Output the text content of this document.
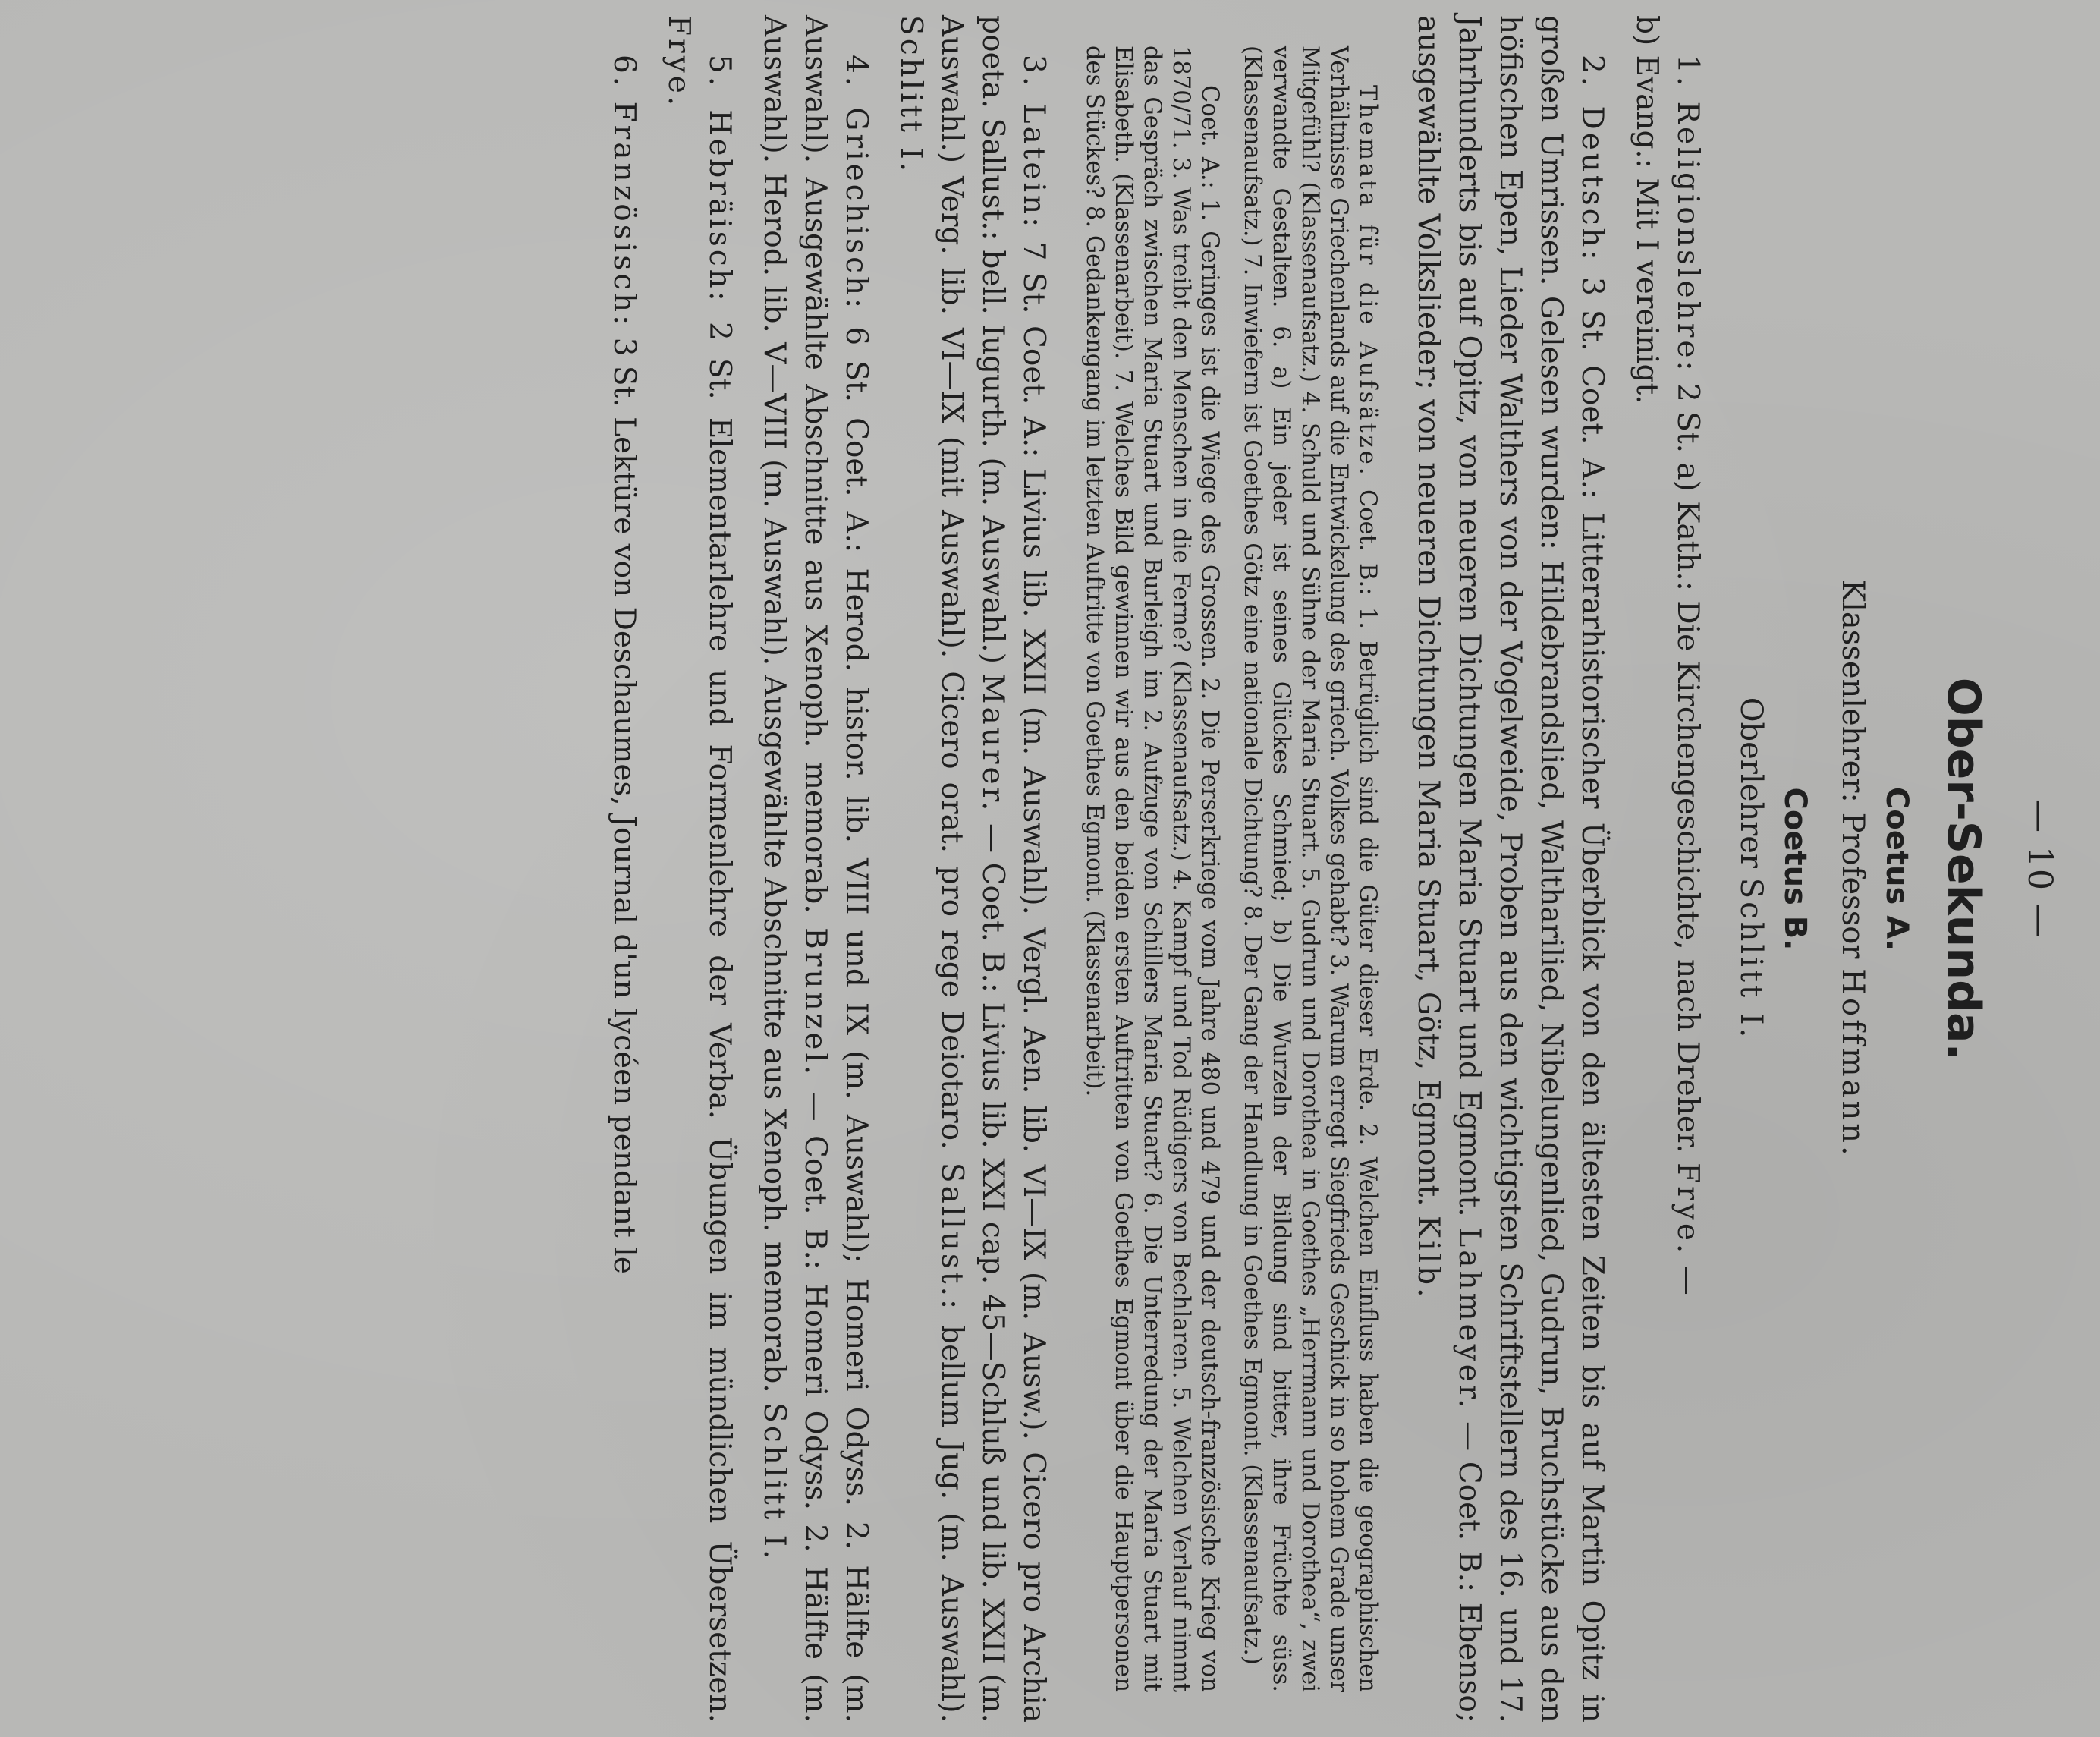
— 10 —
Ober-Sekunda.
Coetus A.
Klassenlehrer: Professor Hoffmann.
Coetus B.
Oberlehrer Schlitt I.

1. Religionslehre: 2 St. a) Kath.: Die Kirchengeschichte, nach Dreher. Frye. —

b) Evang.: Mit I vereinigt.

2. Deutsch: 3 St. Coet. A.: Litterarhistorischer Überblick von den ältesten Zeiten bis auf Martin Opitz in großen Umrissen. Gelesen wurden: Hildebrandslied, Waltharilied, Nibelungenlied, Gudrun, Bruchstücke aus den höfischen Epen, Lieder Walthers von der Vogelweide, Proben aus den wichtigsten Schriftstellern des 16. und 17. Jahrhunderts bis auf Opitz, von neueren Dichtungen Maria Stuart und Egmont. Lahmeyer. — Coet. B.: Ebenso; ausgewählte Volkslieder; von neueren Dichtungen Maria Stuart, Götz, Egmont. Kilb.

Themata für die Aufsätze. Coet. B.: 1. Betrüglich sind die Güter dieser Erde. 2. Welchen Einfluss haben die geographischen Verhältnisse Griechenlands auf die Entwickelung des griech. Volkes gehabt? 3. Warum erregt Siegfrieds Geschick in so hohem Grade unser Mitgefühl? (Klassenaufsatz.) 4. Schuld und Sühne der Maria Stuart. 5. Gudrun und Dorothea in Goethes „Herrmann und Dorothea“, zwei verwandte Gestalten. 6. a) Ein jeder ist seines Glückes Schmied; b) Die Wurzeln der Bildung sind bitter, ihre Früchte süss. (Klassenaufsatz.) 7. Inwiefern ist Goethes Götz eine nationale Dichtung? 8. Der Gang der Handlung in Goethes Egmont. (Klassenaufsatz.)

Coet. A.: 1. Geringes ist die Wiege des Grossen. 2. Die Perserkriege vom Jahre 480 und 479 und der deutsch-französische Krieg von 1870/71. 3. Was treibt den Menschen in die Ferne? (Klassenaufsatz.) 4. Kampf und Tod Rüdigers von Bechlaren. 5. Welchen Verlauf nimmt das Gespräch zwischen Maria Stuart und Burleigh im 2. Aufzuge von Schillers Maria Stuart? 6. Die Unterredung der Maria Stuart mit Elisabeth. (Klassenarbeit). 7. Welches Bild gewinnen wir aus den beiden ersten Auftritten von Goethes Egmont über die Hauptpersonen des Stückes? 8. Gedankengang im letzten Auftritte von Goethes Egmont. (Klassenarbeit).

3. Latein: 7 St. Coet. A.: Livius lib. XXII (m. Auswahl). Vergl. Aen. lib. VI—IX (m. Ausw.). Cicero pro Archia poeta. Sallust.: bell. Iugurth. (m. Auswahl.) Maurer. — Coet. B.: Livius lib. XXI cap. 45—Schluß und lib. XXII (m. Auswahl.) Verg. lib. VI—IX (mit Auswahl). Cicero orat. pro rege Deiotaro. Sallust.: bellum Jug. (m. Auswahl). Schlitt I.

4. Griechisch: 6 St. Coet. A.: Herod. histor. lib. VIII und IX (m. Auswahl); Homeri Odyss. 2. Hälfte (m. Auswahl). Ausgewählte Abschnitte aus Xenoph. memorab. Brunzel. — Coet. B.: Homeri Odyss. 2. Hälfte (m. Auswahl). Herod. lib. V—VIII (m. Auswahl). Ausgewählte Abschnitte aus Xenoph. memorab. Schlitt I.

5. Hebräisch: 2 St. Elementarlehre und Formenlehre der Verba. Übungen im mündlichen Übersetzen. Frye.

6. Französisch: 3 St. Lektüre von Deschaumes, Journal d'un lycéen pendant le
